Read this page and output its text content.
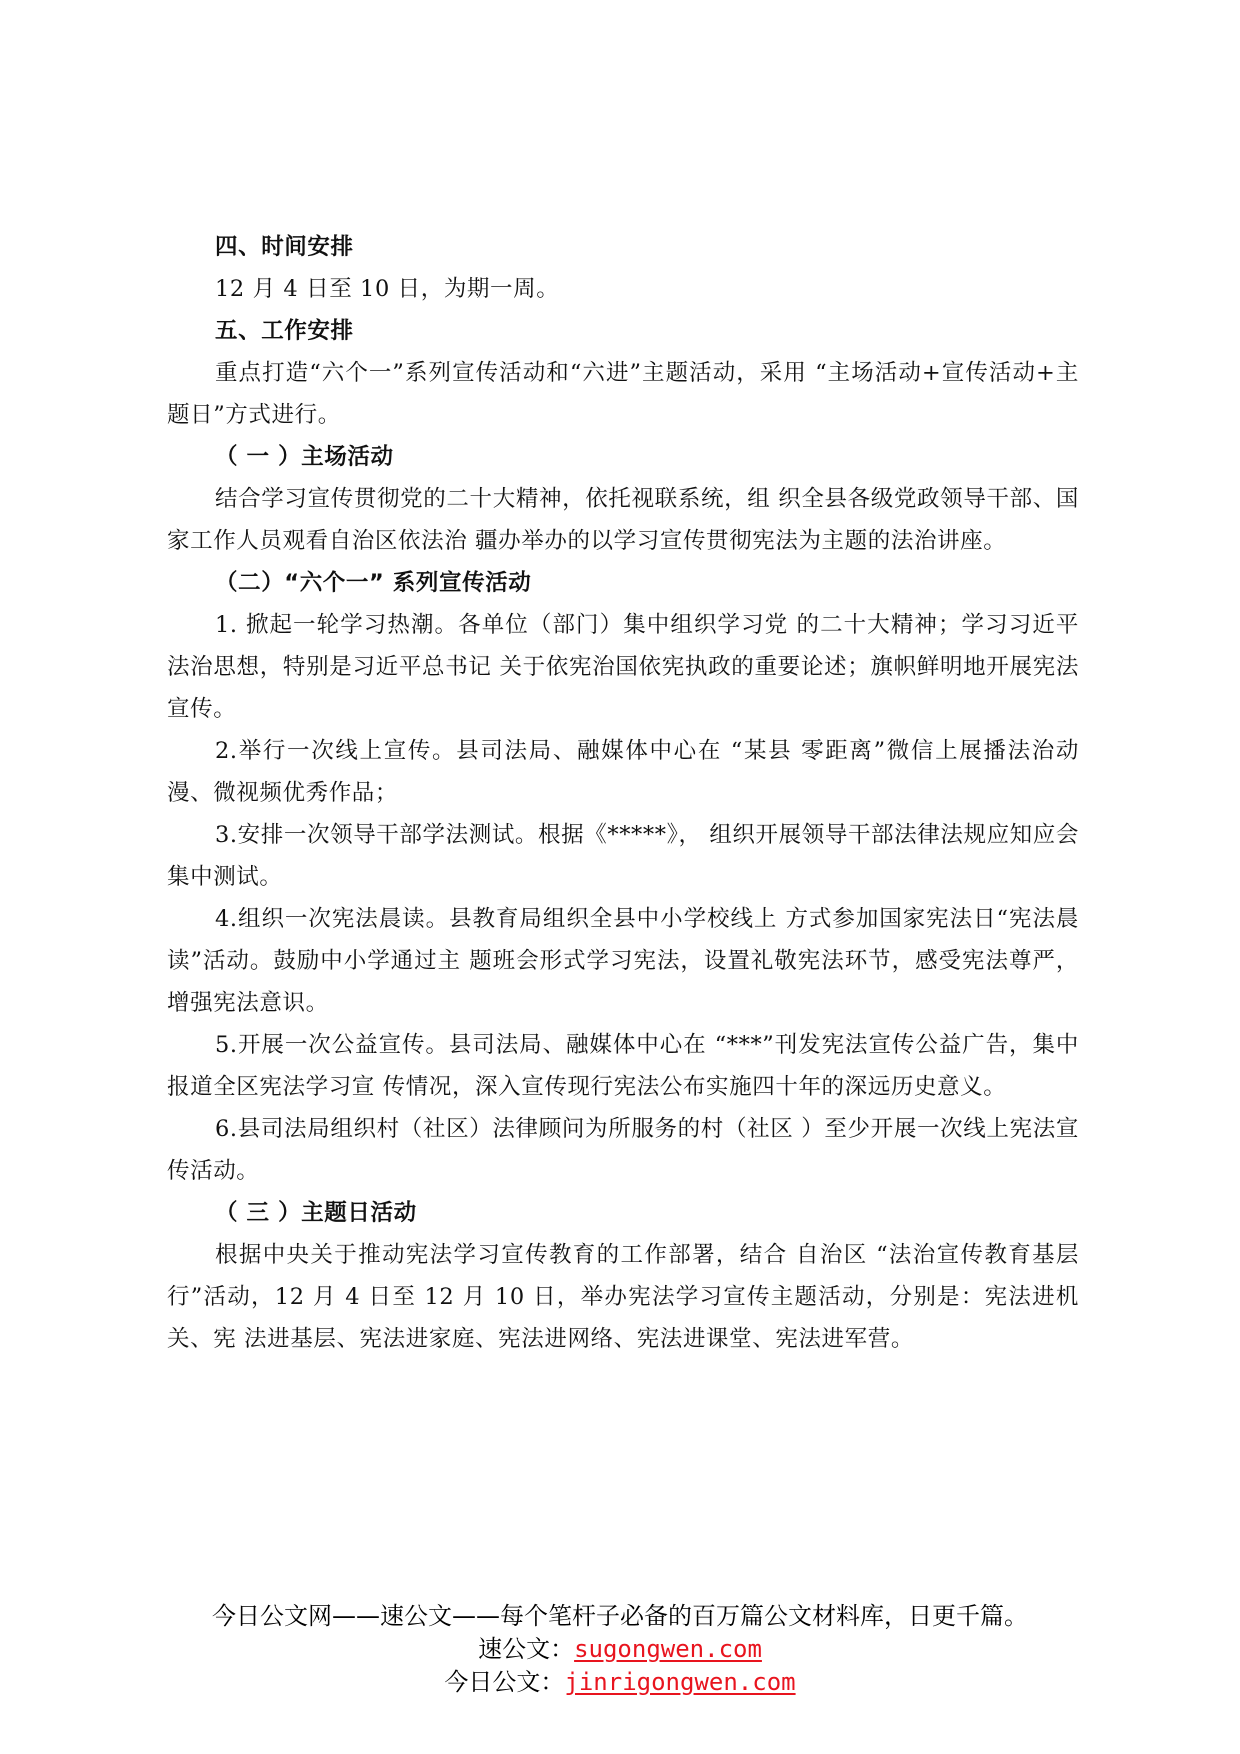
四、时间安排
12 月 4 日至 10 日，为期一周。
五、工作安排
重点打造“六个一”系列宣传活动和“六进”主题活动，采用 “主场活动+宣传活动+主题日”方式进行。
（ 一 ）主场活动
结合学习宣传贯彻党的二十大精神，依托视联系统，组 织全县各级党政领导干部、国家工作人员观看自治区依法治 疆办举办的以学习宣传贯彻宪法为主题的法治讲座。
（二）“六个一” 系列宣传活动
1. 掀起一轮学习热潮。各单位（部门）集中组织学习党 的二十大精神；学习习近平法治思想，特别是习近平总书记 关于依宪治国依宪执政的重要论述；旗帜鲜明地开展宪法宣传。
2.举行一次线上宣传。县司法局、融媒体中心在 “某县 零距离”微信上展播法治动漫、微视频优秀作品；
3.安排一次领导干部学法测试。根据《*****》， 组织开展领导干部法律法规应知应会集中测试。
4.组织一次宪法晨读。县教育局组织全县中小学校线上 方式参加国家宪法日“宪法晨读”活动。鼓励中小学通过主 题班会形式学习宪法，设置礼敬宪法环节，感受宪法尊严， 增强宪法意识。
5.开展一次公益宣传。县司法局、融媒体中心在 “***”刊发宪法宣传公益广告，集中报道全区宪法学习宣 传情况，深入宣传现行宪法公布实施四十年的深远历史意义。
6.县司法局组织村（社区）法律顾问为所服务的村（社区 ）至少开展一次线上宪法宣传活动。
（ 三 ）主题日活动
根据中央关于推动宪法学习宣传教育的工作部署，结合 自治区 “法治宣传教育基层行”活动，12 月 4 日至 12 月 10 日，举办宪法学习宣传主题活动，分别是：宪法进机关、宪 法进基层、宪法进家庭、宪法进网络、宪法进课堂、宪法进军营。
今日公文网——速公文——每个笔杆子必备的百万篇公文材料库，日更千篇。
速公文：sugongwen.com
今日公文：jinrigongwen.com
